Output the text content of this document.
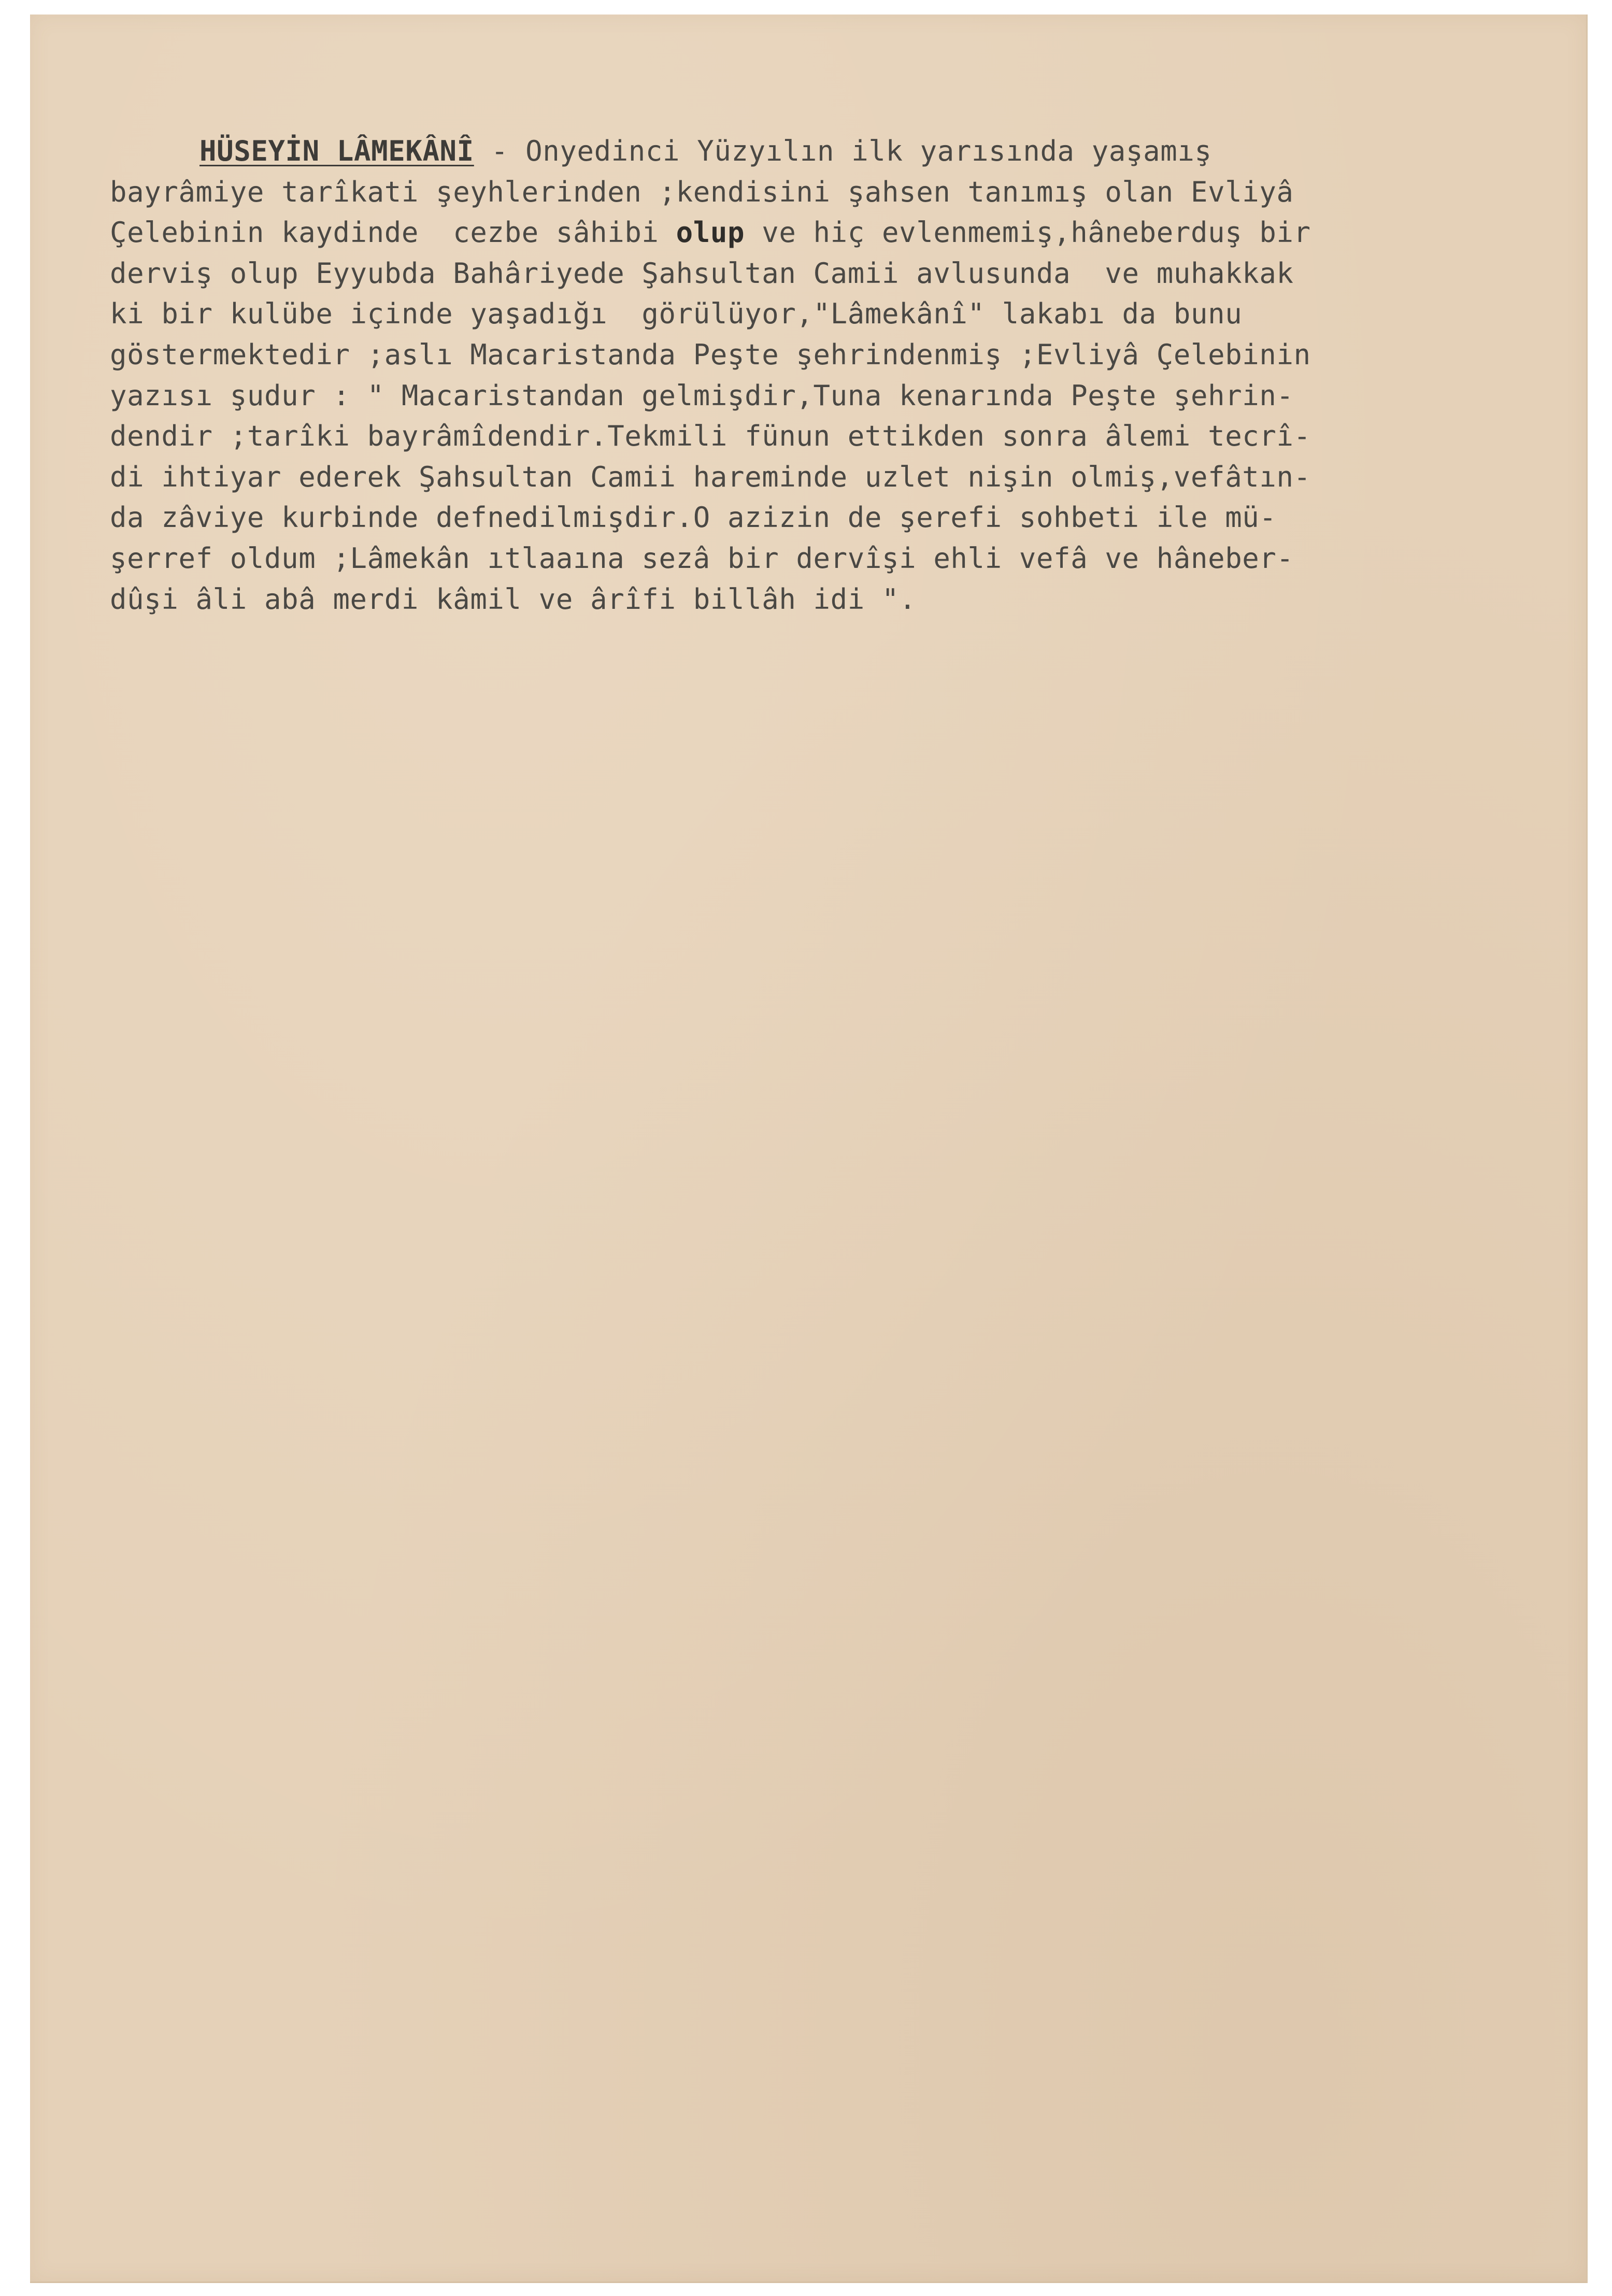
HÜSEYİN LÂMEKÂNÎ - Onyedinci Yüzyılın ilk yarısında yaşamış
bayrâmiye tarîkati şeyhlerinden ;kendisini şahsen tanımış olan Evliyâ
Çelebinin kaydinde  cezbe sâhibi olup ve hiç evlenmemiş,hâneberduş bir
derviş olup Eyyubda Bahâriyede Şahsultan Camii avlusunda  ve muhakkak
ki bir kulübe içinde yaşadığı  görülüyor,"Lâmekânî" lakabı da bunu
göstermektedir ;aslı Macaristanda Peşte şehrindenmiş ;Evliyâ Çelebinin
yazısı şudur : " Macaristandan gelmişdir,Tuna kenarında Peşte şehrin-
dendir ;tarîki bayrâmîdendir.Tekmili fünun ettikden sonra âlemi tecrî-
di ihtiyar ederek Şahsultan Camii hareminde uzlet nişin olmiş,vefâtın-
da zâviye kurbinde defnedilmişdir.O azizin de şerefi sohbeti ile mü-
şerref oldum ;Lâmekân ıtlaaına sezâ bir dervîşi ehli vefâ ve hâneber-
dûşi âli abâ merdi kâmil ve ârîfi billâh idi ".
